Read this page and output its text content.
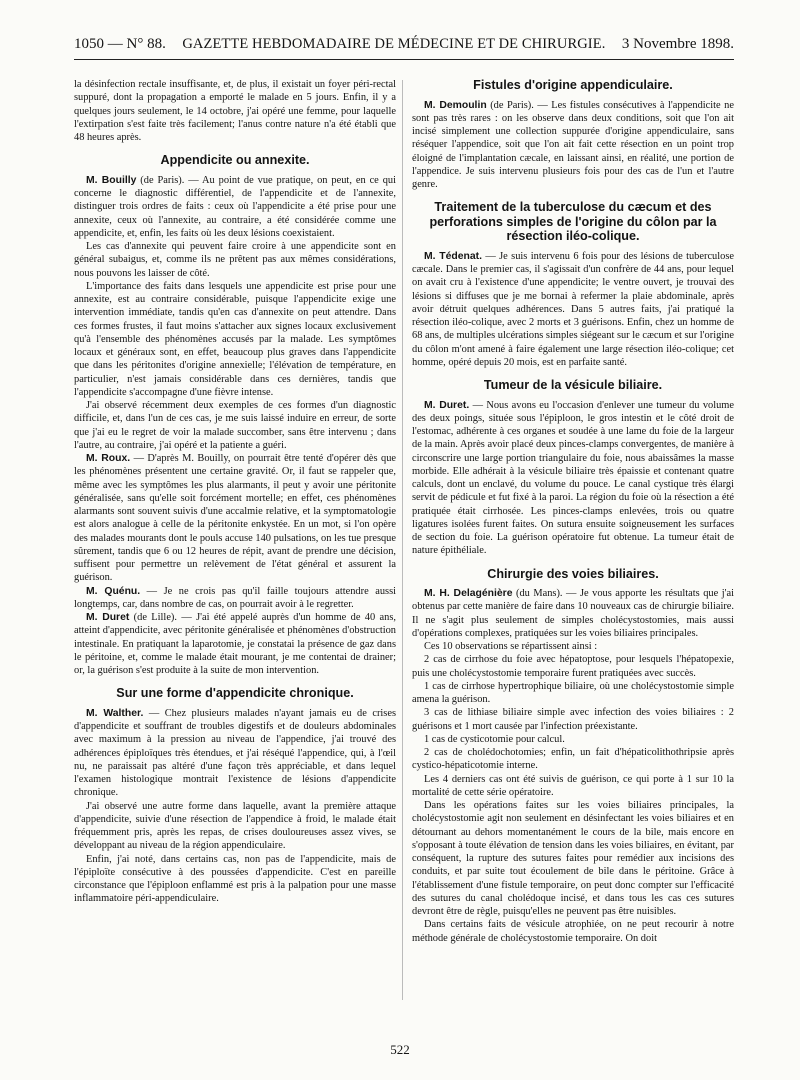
1050 — N° 88. GAZETTE HEBDOMADAIRE DE MÉDECINE ET DE CHIRURGIE. 3 Novembre 1898.

la désinfection rectale insuffisante, et, de plus, il existait un foyer péri-rectal suppuré, dont la propagation a emporté le malade en 5 jours. Enfin, il y a quelques jours seulement, le 14 octobre, j'ai opéré une femme, pour laquelle l'extirpation s'est faite très facilement; l'anus contre nature n'a été établi que 48 heures après.

Appendicite ou annexite.

M. Bouilly (de Paris). — Au point de vue pratique, on peut, en ce qui concerne le diagnostic différentiel, de l'appendicite et de l'annexite, distinguer trois ordres de faits : ceux où l'appendicite a été prise pour une annexite, ceux où l'annexite, au contraire, a été considérée comme une appendicite, et, enfin, les faits où les deux lésions coexistaient.

Les cas d'annexite qui peuvent faire croire à une appendicite sont en général subaigus, et, comme ils ne prêtent pas aux mêmes considérations, nous pouvons les laisser de côté.

L'importance des faits dans lesquels une appendicite est prise pour une annexite, est au contraire considérable, puisque l'appendicite exige une intervention immédiate, tandis qu'en cas d'annexite on peut attendre. Dans ces formes frustes, il faut moins s'attacher aux signes locaux exclusivement qu'à l'ensemble des phénomènes accusés par la malade. Les symptômes locaux et généraux sont, en effet, beaucoup plus graves dans l'appendicite que dans les péritonites d'origine annexielle; l'élévation de température, en particulier, n'est jamais considérable dans ces dernières, tandis que l'appendicite s'accompagne d'une fièvre intense.

J'ai observé récemment deux exemples de ces formes d'un diagnostic difficile, et, dans l'un de ces cas, je me suis laissé induire en erreur, de sorte que j'ai eu le regret de voir la malade succomber, sans être intervenu ; dans l'autre, au contraire, j'ai opéré et la patiente a guéri.

M. Roux. — D'après M. Bouilly, on pourrait être tenté d'opérer dès que les phénomènes présentent une certaine gravité. Or, il faut se rappeler que, même avec les symptômes les plus alarmants, il peut y avoir une péritonite généralisée, sans qu'elle soit forcément mortelle; en effet, ces phénomènes alarmants sont souvent suivis d'une accalmie relative, et la symptomatologie est alors analogue à celle de la péritonite enkystée. En un mot, si l'on opère des malades mourants dont le pouls accuse 140 pulsations, on les tue presque sûrement, tandis que 6 ou 12 heures de répit, avant de prendre une décision, suffisent pour permettre un relèvement de l'état général et assurent la guérison.

M. Quénu. — Je ne crois pas qu'il faille toujours attendre aussi longtemps, car, dans nombre de cas, on pourrait avoir à le regretter.

M. Duret (de Lille). — J'ai été appelé auprès d'un homme de 40 ans, atteint d'appendicite, avec péritonite généralisée et phénomènes d'obstruction intestinale. En pratiquant la laparotomie, je constatai la présence de gaz dans le péritoine, et, comme le malade était mourant, je me contentai de drainer; or, la guérison s'est produite à la suite de mon intervention.

Sur une forme d'appendicite chronique.

M. Walther. — Chez plusieurs malades n'ayant jamais eu de crises d'appendicite et souffrant de troubles digestifs et de douleurs abdominales avec maximum à la pression au niveau de l'appendice, j'ai trouvé des adhérences épiploïques très étendues, et j'ai réséqué l'appendice, qui, à l'œil nu, ne paraissait pas altéré d'une façon très appréciable, et dans lequel l'examen histologique montrait l'existence de lésions d'appendicite chronique.

J'ai observé une autre forme dans laquelle, avant la première attaque d'appendicite, suivie d'une résection de l'appendice à froid, le malade était fréquemment pris, après les repas, de crises douloureuses assez vives, se développant au niveau de la région appendiculaire.

Enfin, j'ai noté, dans certains cas, non pas de l'appendicite, mais de l'épiploïte consécutive à des poussées d'appendicite. C'est en pareille circonstance que l'épiploon enflammé est pris à la palpation pour une masse inflammatoire péri-appendiculaire.

Fistules d'origine appendiculaire.

M. Demoulin (de Paris). — Les fistules consécutives à l'appendicite ne sont pas très rares : on les observe dans deux conditions, soit que l'on ait incisé simplement une collection suppurée d'origine appendiculaire, sans réséquer l'appendice, soit que l'on ait fait cette résection en un point trop éloigné de l'implantation cæcale, en laissant ainsi, en réalité, une portion de l'appendice. Je suis intervenu plusieurs fois pour des cas de l'un et l'autre genre.

Traitement de la tuberculose du cæcum et des perforations simples de l'origine du côlon par la résection iléo-colique.

M. Tédenat. — Je suis intervenu 6 fois pour des lésions de tuberculose cæcale. Dans le premier cas, il s'agissait d'un confrère de 44 ans, pour lequel on avait cru à l'existence d'une appendicite; le ventre ouvert, je trouvai des lésions si diffuses que je me bornai à refermer la plaie abdominale, après avoir détruit quelques adhérences. Dans 5 autres faits, j'ai pratiqué la résection iléo-colique, avec 2 morts et 3 guérisons. Enfin, chez un homme de 68 ans, de multiples ulcérations simples siégeant sur le cæcum et sur l'origine du côlon m'ont amené à faire également une large résection iléo-colique; cet homme, opéré depuis 20 mois, est en parfaite santé.

Tumeur de la vésicule biliaire.

M. Duret. — Nous avons eu l'occasion d'enlever une tumeur du volume des deux poings, située sous l'épiploon, le gros intestin et le côté droit de l'estomac, adhérente à ces organes et soudée à une lame du foie de la largeur de la main. Après avoir placé deux pinces-clamps convergentes, de manière à circonscrire une large portion triangulaire du foie, nous abaissâmes la masse morbide. Elle adhérait à la vésicule biliaire très épaissie et contenant quatre calculs, dont un enclavé, du volume du pouce. Le canal cystique très élargi servit de pédicule et fut fixé à la paroi. La région du foie où la résection a été pratiquée était cirrhosée. Les pinces-clamps enlevées, trois ou quatre ligatures isolées furent faites. On sutura ensuite soigneusement les surfaces de section du foie. La guérison opératoire fut obtenue. La tumeur était de nature épithéliale.

Chirurgie des voies biliaires.

M. H. Delagénière (du Mans). — Je vous apporte les résultats que j'ai obtenus par cette manière de faire dans 10 nouveaux cas de chirurgie biliaire. Il ne s'agit plus seulement de simples cholécystostomies, mais aussi d'opérations complexes, pratiquées sur les voies biliaires principales.

Ces 10 observations se répartissent ainsi :

2 cas de cirrhose du foie avec hépatoptose, pour lesquels l'hépatopexie, puis une cholécystostomie temporaire furent pratiquées avec succès.

1 cas de cirrhose hypertrophique biliaire, où une cholécystostomie simple amena la guérison.

3 cas de lithiase biliaire simple avec infection des voies biliaires : 2 guérisons et 1 mort causée par l'infection préexistante.

1 cas de cysticotomie pour calcul.

2 cas de cholédochotomies; enfin, un fait d'hépaticolithothripsie après cystico-hépaticotomie interne.

Les 4 derniers cas ont été suivis de guérison, ce qui porte à 1 sur 10 la mortalité de cette série opératoire.

Dans les opérations faites sur les voies biliaires principales, la cholécystostomie agit non seulement en désinfectant les voies biliaires et en détournant au dehors momentanément le cours de la bile, mais encore en s'opposant à toute élévation de tension dans les voies biliaires, en évitant, par conséquent, la rupture des sutures faites pour remédier aux incisions des conduits, et par suite tout écoulement de bile dans le péritoine. Grâce à l'établissement d'une fistule temporaire, on peut donc compter sur l'efficacité des sutures du canal cholédoque incisé, et dans tous les cas ces sutures devront être de règle, puisqu'elles ne peuvent pas être nuisibles.

Dans certains faits de vésicule atrophiée, on ne peut recourir à notre méthode générale de cholécystostomie temporaire. On doit

522
